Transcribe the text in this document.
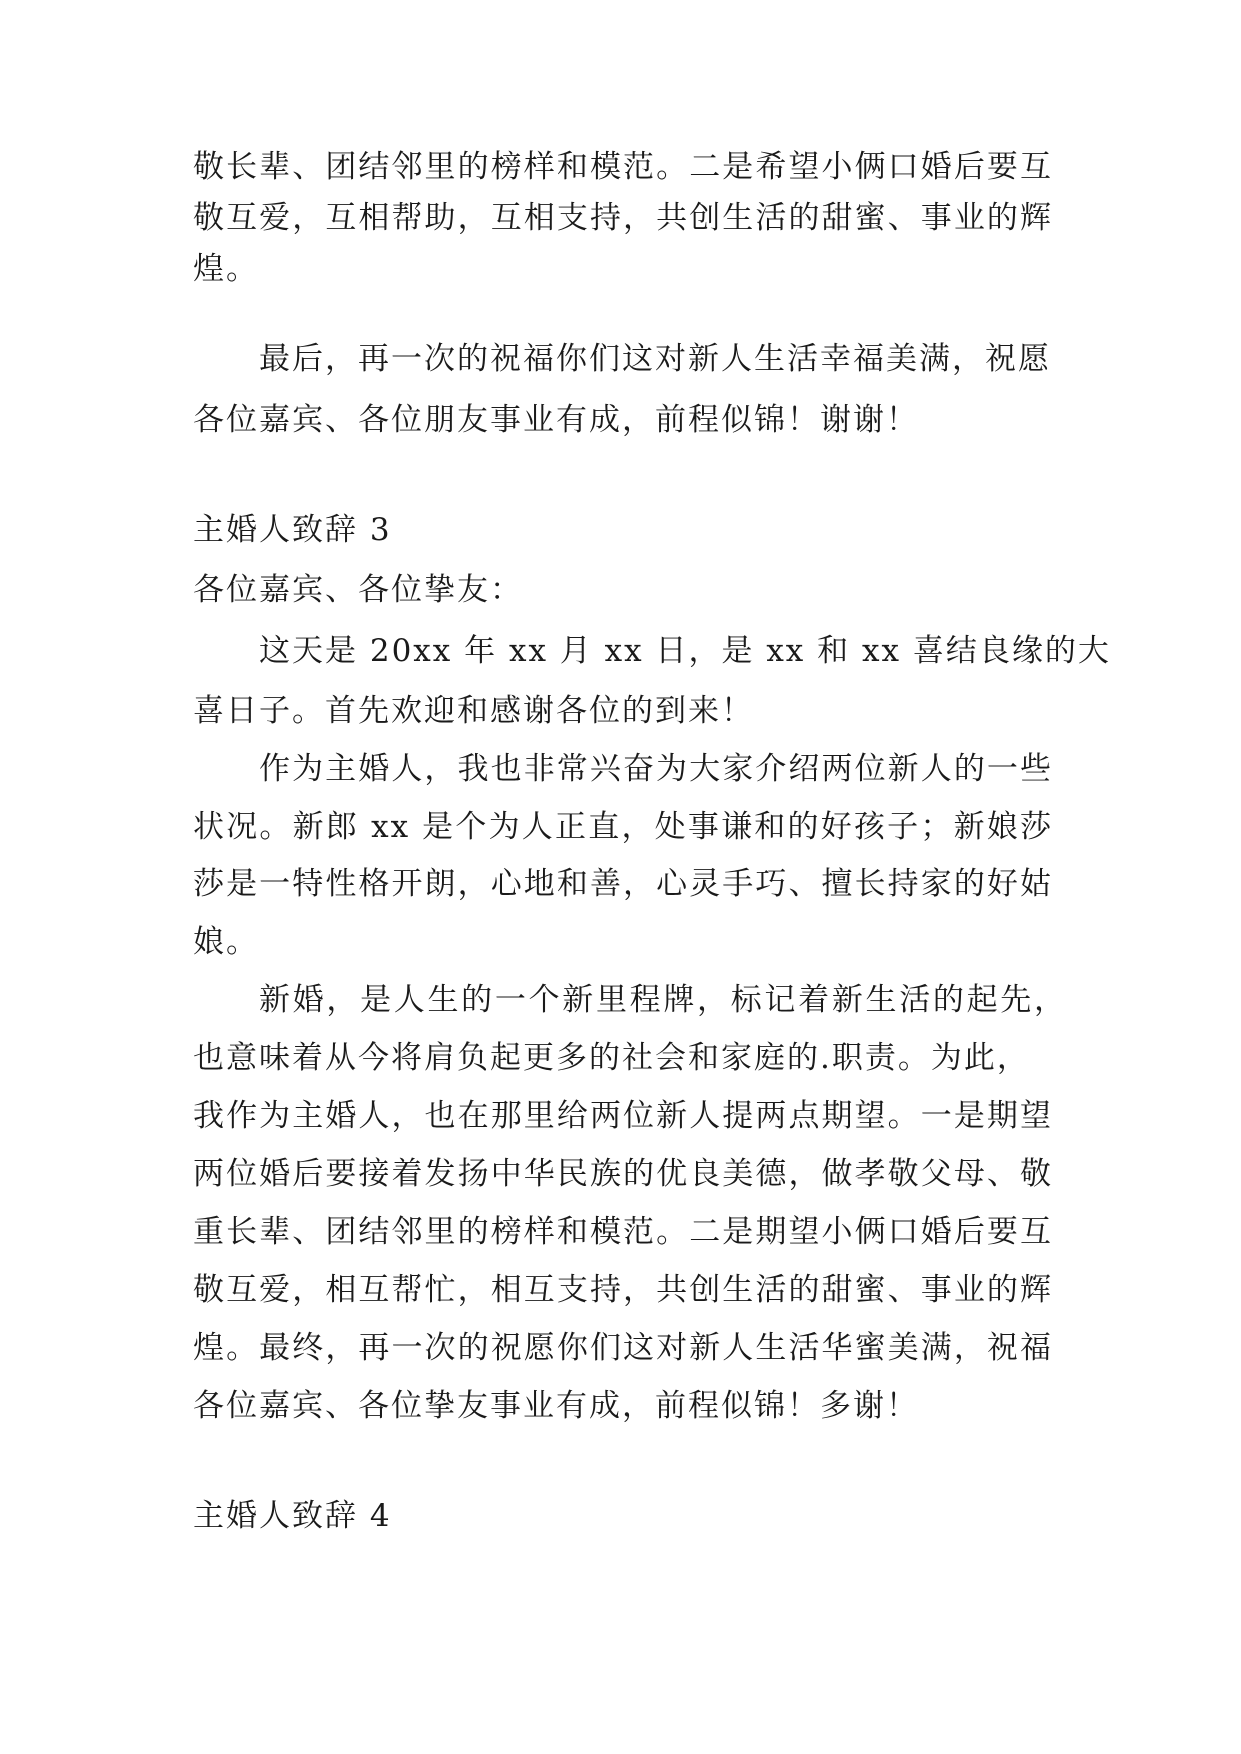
敬长辈、团结邻里的榜样和模范。二是希望小俩口婚后要互
敬互爱，互相帮助，互相支持，共创生活的甜蜜、事业的辉
煌。
最后，再一次的祝福你们这对新人生活幸福美满，祝愿
各位嘉宾、各位朋友事业有成，前程似锦！谢谢！
主婚人致辞 3
各位嘉宾、各位挚友：
这天是 20xx 年 xx 月 xx 日，是 xx 和 xx 喜结良缘的大
喜日子。首先欢迎和感谢各位的到来！
作为主婚人，我也非常兴奋为大家介绍两位新人的一些
状况。新郎 xx 是个为人正直，处事谦和的好孩子；新娘莎
莎是一特性格开朗，心地和善，心灵手巧、擅长持家的好姑
娘。
新婚，是人生的一个新里程牌，标记着新生活的起先，
也意味着从今将肩负起更多的社会和家庭的.职责。为此，
我作为主婚人，也在那里给两位新人提两点期望。一是期望
两位婚后要接着发扬中华民族的优良美德，做孝敬父母、敬
重长辈、团结邻里的榜样和模范。二是期望小俩口婚后要互
敬互爱，相互帮忙，相互支持，共创生活的甜蜜、事业的辉
煌。最终，再一次的祝愿你们这对新人生活华蜜美满，祝福
各位嘉宾、各位挚友事业有成，前程似锦！多谢！
主婚人致辞 4
